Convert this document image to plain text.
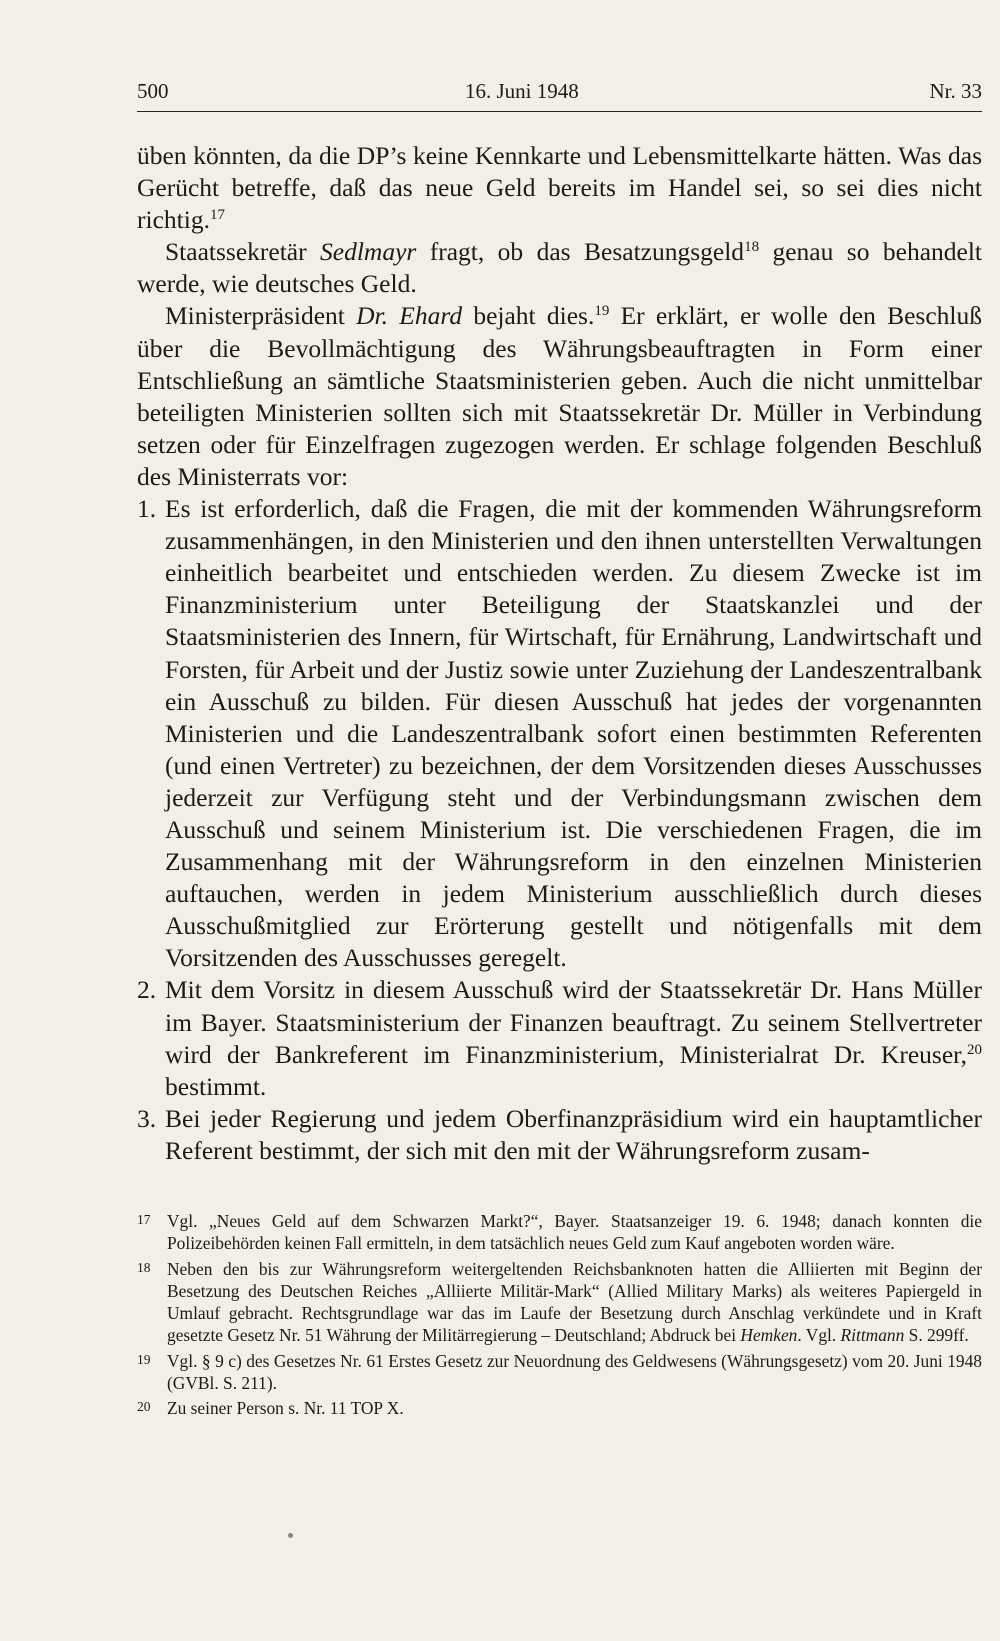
500	16. Juni 1948	Nr. 33

üben könnten, da die DP’s keine Kennkarte und Lebensmittelkarte hätten. Was das Gerücht betreffe, daß das neue Geld bereits im Handel sei, so sei dies nicht richtig.$^{17}$

Staatssekretär Sedlmayr fragt, ob das Besatzungsgeld$^{18}$ genau so behandelt werde, wie deutsches Geld.

Ministerpräsident Dr. Ehard bejaht dies.$^{19}$ Er erklärt, er wolle den Beschluß über die Bevollmächtigung des Währungsbeauftragten in Form einer Entschließung an sämtliche Staatsministerien geben. Auch die nicht unmittelbar beteiligten Ministerien sollten sich mit Staatssekretär Dr. Müller in Verbindung setzen oder für Einzelfragen zugezogen werden. Er schlage folgenden Beschluß des Ministerrats vor:

1. Es ist erforderlich, daß die Fragen, die mit der kommenden Währungsreform zusammenhängen, in den Ministerien und den ihnen unterstellten Verwaltungen einheitlich bearbeitet und entschieden werden. Zu diesem Zwecke ist im Finanzministerium unter Beteiligung der Staatskanzlei und der Staatsministerien des Innern, für Wirtschaft, für Ernährung, Landwirtschaft und Forsten, für Arbeit und der Justiz sowie unter Zuziehung der Landeszentralbank ein Ausschuß zu bilden. Für diesen Ausschuß hat jedes der vorgenannten Ministerien und die Landeszentralbank sofort einen bestimmten Referenten (und einen Vertreter) zu bezeichnen, der dem Vorsitzenden dieses Ausschusses jederzeit zur Verfügung steht und der Verbindungsmann zwischen dem Ausschuß und seinem Ministerium ist. Die verschiedenen Fragen, die im Zusammenhang mit der Währungsreform in den einzelnen Ministerien auftauchen, werden in jedem Ministerium ausschließlich durch dieses Ausschußmitglied zur Erörterung gestellt und nötigenfalls mit dem Vorsitzenden des Ausschusses geregelt.
2. Mit dem Vorsitz in diesem Ausschuß wird der Staatssekretär Dr. Hans Müller im Bayer. Staatsministerium der Finanzen beauftragt. Zu seinem Stellvertreter wird der Bankreferent im Finanzministerium, Ministerialrat Dr. Kreuser,$^{20}$ bestimmt.
3. Bei jeder Regierung und jedem Oberfinanzpräsidium wird ein hauptamtlicher Referent bestimmt, der sich mit den mit der Währungsreform zusam-
17 Vgl. „Neues Geld auf dem Schwarzen Markt?“, Bayer. Staatsanzeiger 19. 6. 1948; danach konnten die Polizeibehörden keinen Fall ermitteln, in dem tatsächlich neues Geld zum Kauf angeboten worden wäre.
18 Neben den bis zur Währungsreform weitergeltenden Reichsbanknoten hatten die Alliierten mit Beginn der Besetzung des Deutschen Reiches „Alliierte Militär-Mark“ (Allied Military Marks) als weiteres Papiergeld in Umlauf gebracht. Rechtsgrundlage war das im Laufe der Besetzung durch Anschlag verkündete und in Kraft gesetzte Gesetz Nr. 51 Währung der Militärregierung – Deutschland; Abdruck bei Hemken. Vgl. Rittmann S. 299ff.
19 Vgl. § 9 c) des Gesetzes Nr. 61 Erstes Gesetz zur Neuordnung des Geldwesens (Währungsgesetz) vom 20. Juni 1948 (GVBl. S. 211).
20 Zu seiner Person s. Nr. 11 TOP X.
